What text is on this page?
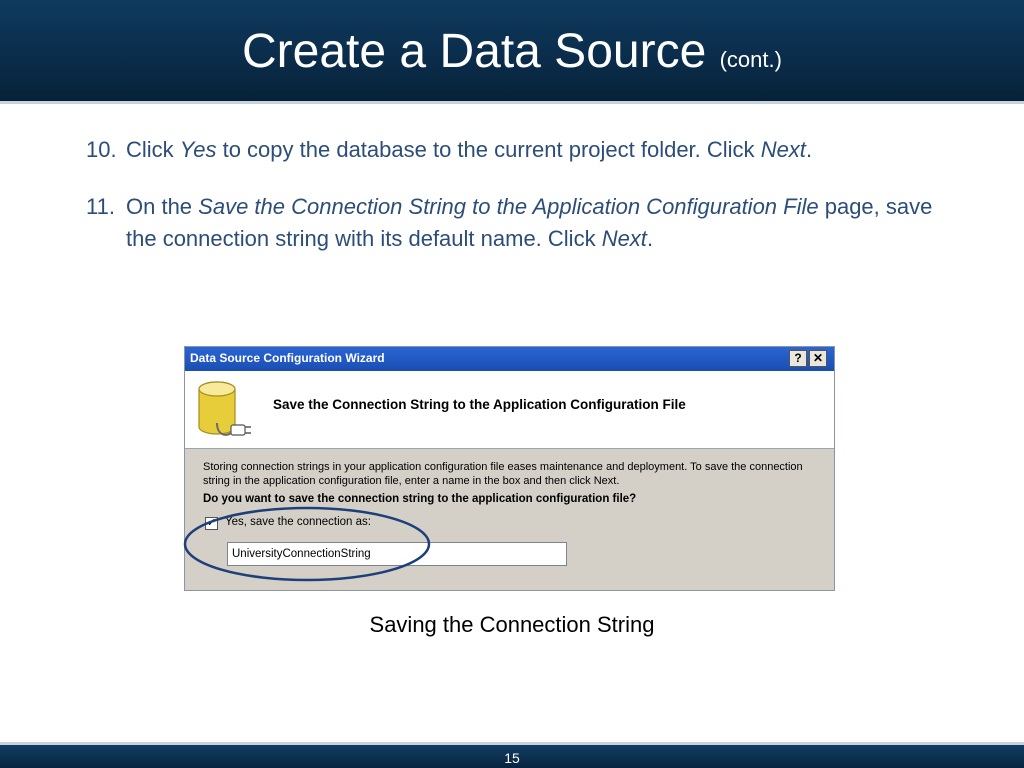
Create a Data Source (cont.)
10. Click Yes to copy the database to the current project folder. Click Next.
11. On the Save the Connection String to the Application Configuration File page, save the connection string with its default name. Click Next.
Data Source Configuration Wizard	? ✕
Save the Connection String to the Application Configuration File
Storing connection strings in your application configuration file eases maintenance and deployment. To save the connection string in the application configuration file, enter a name in the box and then click Next.
Do you want to save the connection string to the application configuration file?
✓ Yes, save the connection as:
UniversityConnectionString
Saving the Connection String
15
